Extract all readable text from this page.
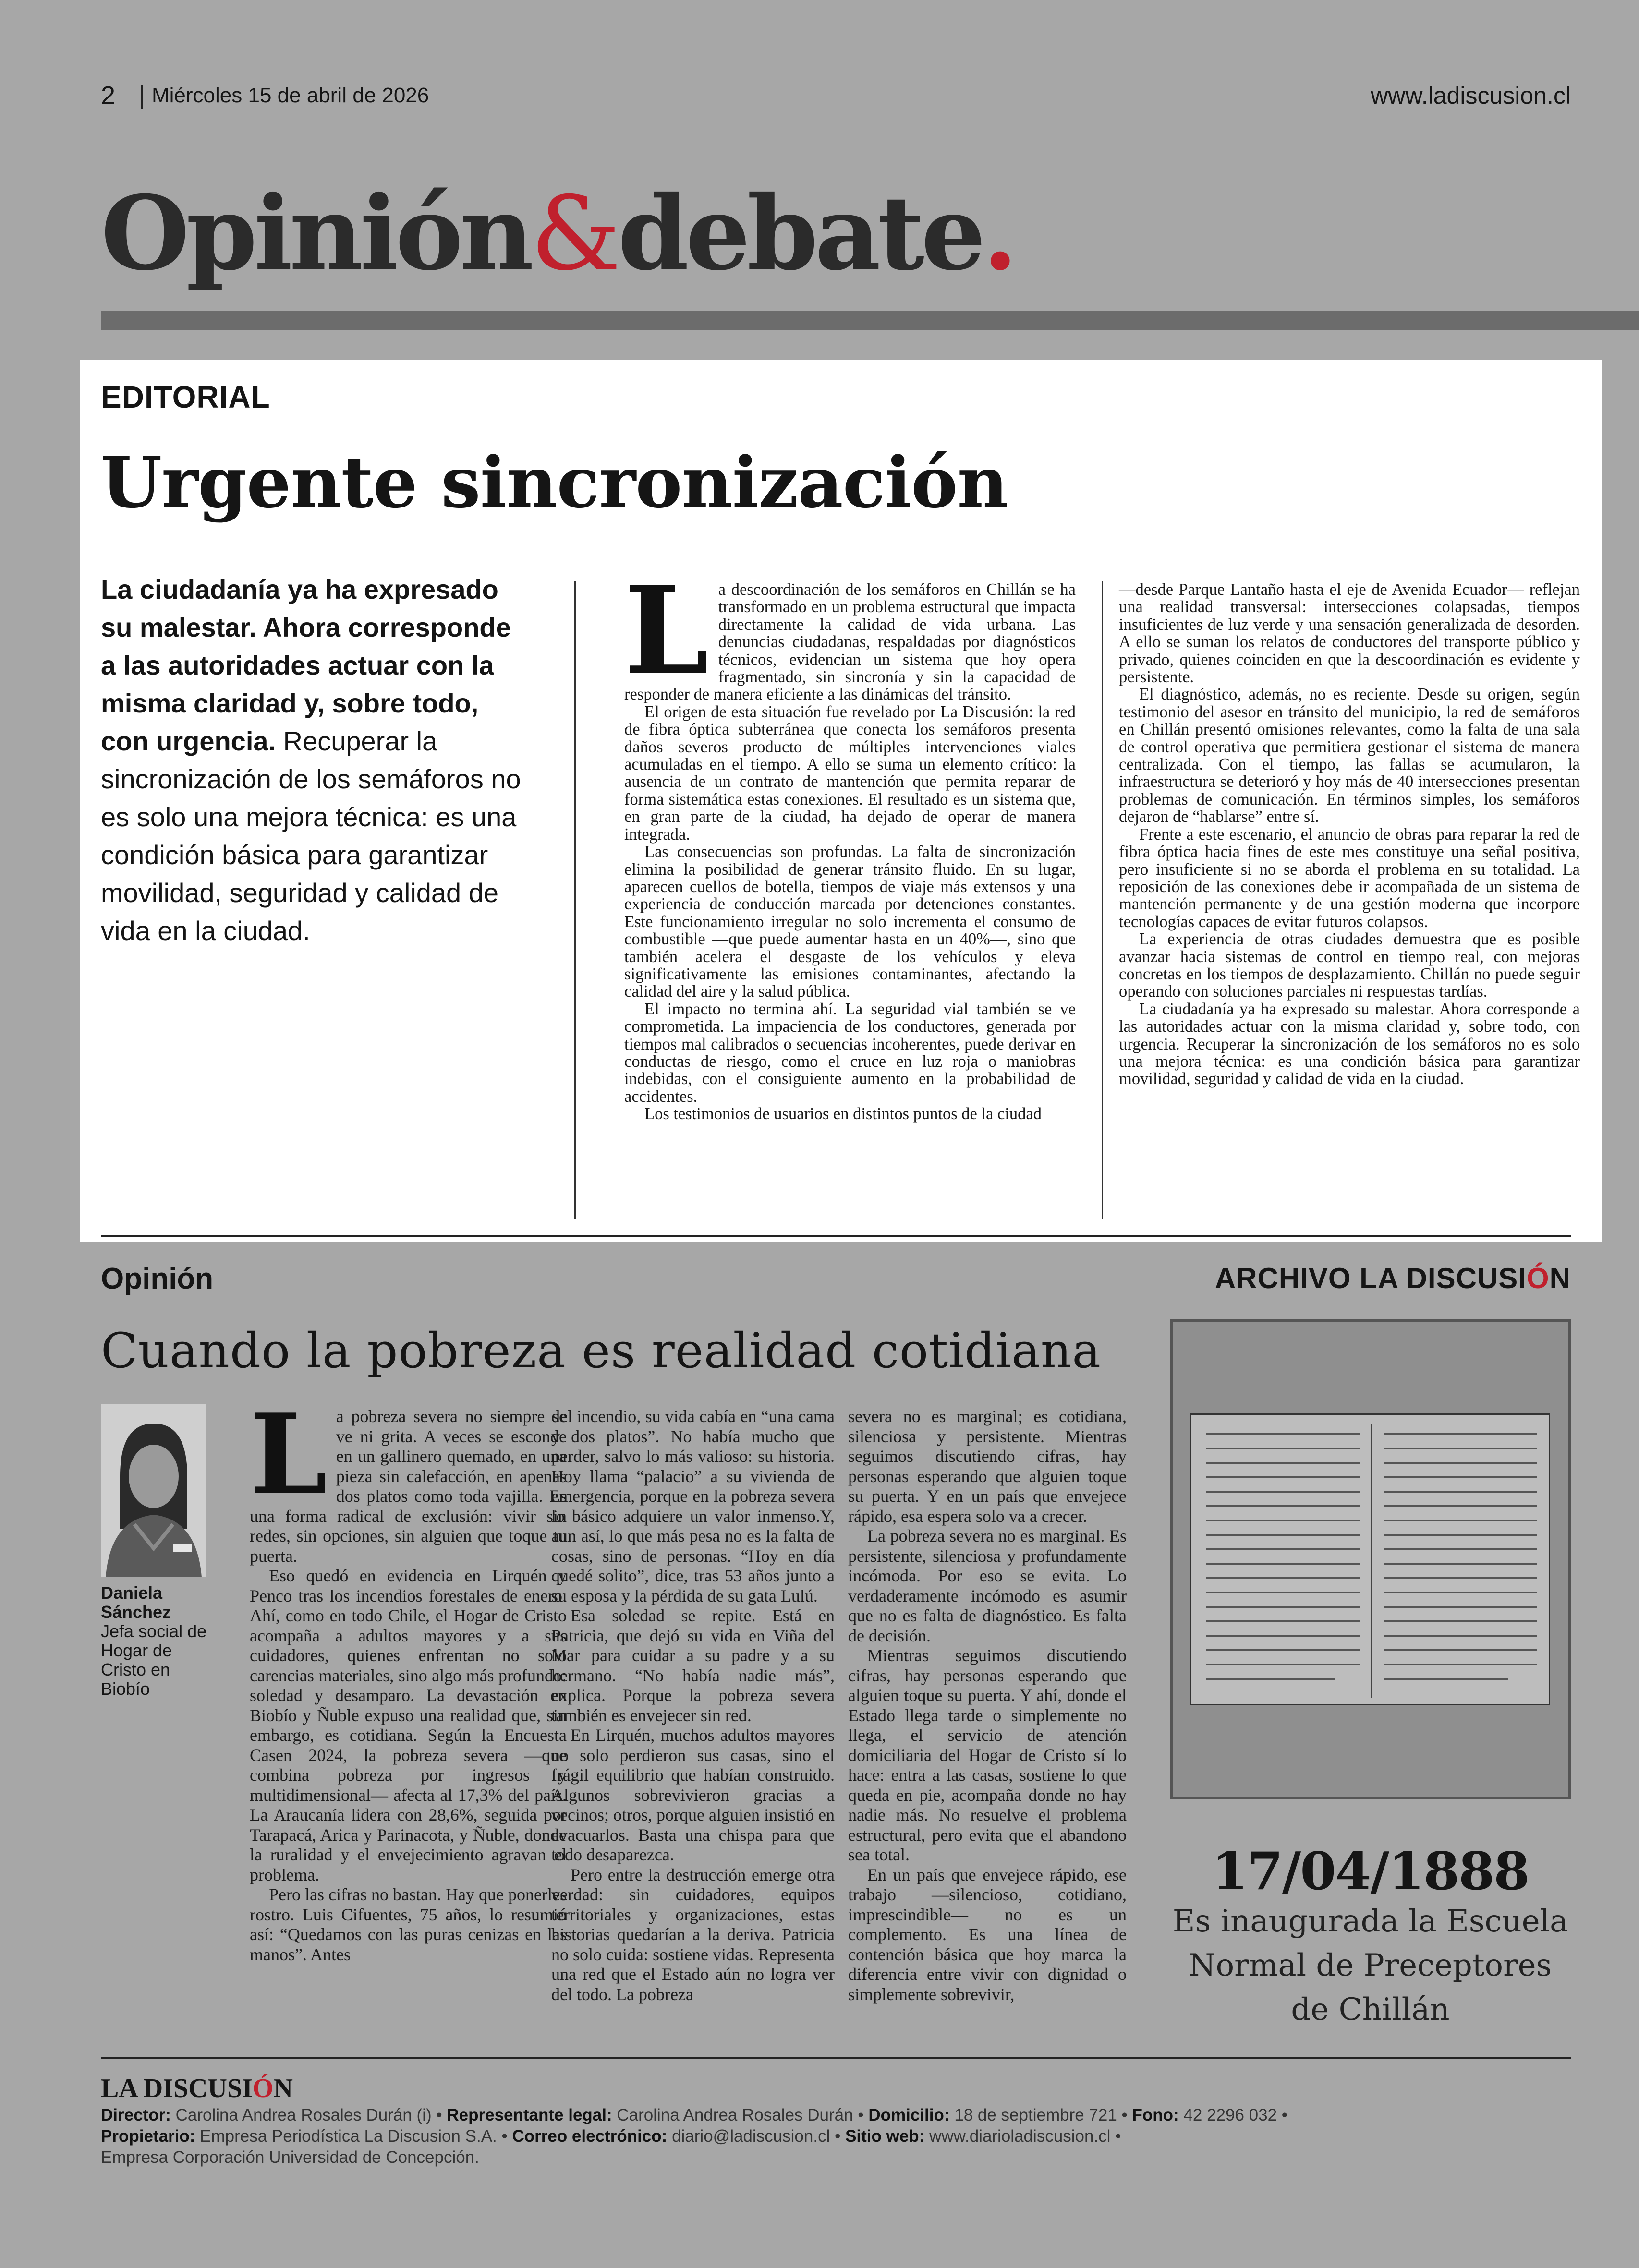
2 Miércoles 15 de abril de 2026	www.ladiscusion.cl
Opinión&debate.
EDITORIAL
Urgente sincronización
La ciudadanía ya ha expresado su malestar. Ahora corresponde a las autoridades actuar con la misma claridad y, sobre todo, con urgencia. Recuperar la sincronización de los semáforos no es solo una mejora técnica: es una condición básica para garantizar movilidad, seguridad y calidad de vida en la ciudad.
L a descoordinación de los semáforos en Chillán se ha transformado en un problema estructural que impacta directamente la calidad de vida urbana. Las denuncias ciudadanas, respaldadas por diagnósticos técnicos, evidencian un sistema que hoy opera fragmentado, sin sincronía y sin la capacidad de responder de manera eficiente a las dinámicas del tránsito.

El origen de esta situación fue revelado por La Discusión: la red de fibra óptica subterránea que conecta los semáforos presenta daños severos producto de múltiples intervenciones viales acumuladas en el tiempo. A ello se suma un elemento crítico: la ausencia de un contrato de mantención que permita reparar de forma sistemática estas conexiones. El resultado es un sistema que, en gran parte de la ciudad, ha dejado de operar de manera integrada.

Las consecuencias son profundas. La falta de sincronización elimina la posibilidad de generar tránsito fluido. En su lugar, aparecen cuellos de botella, tiempos de viaje más extensos y una experiencia de conducción marcada por detenciones constantes. Este funcionamiento irregular no solo incrementa el consumo de combustible —que puede aumentar hasta en un 40%—, sino que también acelera el desgaste de los vehículos y eleva significativamente las emisiones contaminantes, afectando la calidad del aire y la salud pública.

El impacto no termina ahí. La seguridad vial también se ve comprometida. La impaciencia de los conductores, generada por tiempos mal calibrados o secuencias incoherentes, puede derivar en conductas de riesgo, como el cruce en luz roja o maniobras indebidas, con el consiguiente aumento en la probabilidad de accidentes.

Los testimonios de usuarios en distintos puntos de la ciudad

—desde Parque Lantaño hasta el eje de Avenida Ecuador— reflejan una realidad transversal: intersecciones colapsadas, tiempos insuficientes de luz verde y una sensación generalizada de desorden. A ello se suman los relatos de conductores del transporte público y privado, quienes coinciden en que la descoordinación es evidente y persistente.

El diagnóstico, además, no es reciente. Desde su origen, según testimonio del asesor en tránsito del municipio, la red de semáforos en Chillán presentó omisiones relevantes, como la falta de una sala de control operativa que permitiera gestionar el sistema de manera centralizada. Con el tiempo, las fallas se acumularon, la infraestructura se deterioró y hoy más de 40 intersecciones presentan problemas de comunicación. En términos simples, los semáforos dejaron de “hablarse” entre sí.

Frente a este escenario, el anuncio de obras para reparar la red de fibra óptica hacia fines de este mes constituye una señal positiva, pero insuficiente si no se aborda el problema en su totalidad. La reposición de las conexiones debe ir acompañada de un sistema de mantención permanente y de una gestión moderna que incorpore tecnologías capaces de evitar futuros colapsos.

La experiencia de otras ciudades demuestra que es posible avanzar hacia sistemas de control en tiempo real, con mejoras concretas en los tiempos de desplazamiento. Chillán no puede seguir operando con soluciones parciales ni respuestas tardías.

La ciudadanía ya ha expresado su malestar. Ahora corresponde a las autoridades actuar con la misma claridad y, sobre todo, con urgencia. Recuperar la sincronización de los semáforos no es solo una mejora técnica: es una condición básica para garantizar movilidad, seguridad y calidad de vida en la ciudad.

Opinión
Cuando la pobreza es realidad cotidiana
Daniela Sánchez
Jefa social de Hogar de Cristo en Biobío
L a pobreza severa no siempre se ve ni grita. A veces se esconde en un gallinero quemado, en una pieza sin calefacción, en apenas dos platos como toda vajilla. Es una forma radical de exclusión: vivir sin redes, sin opciones, sin alguien que toque tu puerta.

Eso quedó en evidencia en Lirquén y Penco tras los incendios forestales de enero. Ahí, como en todo Chile, el Hogar de Cristo acompaña a adultos mayores y a sus cuidadores, quienes enfrentan no solo carencias materiales, sino algo más profundo: soledad y desamparo. La devastación en Biobío y Ñuble expuso una realidad que, sin embargo, es cotidiana. Según la Encuesta Casen 2024, la pobreza severa —que combina pobreza por ingresos y multidimensional— afecta al 17,3% del país. La Araucanía lidera con 28,6%, seguida por Tarapacá, Arica y Parinacota, y Ñuble, donde la ruralidad y el envejecimiento agravan el problema.

Pero las cifras no bastan. Hay que ponerles rostro. Luis Cifuentes, 75 años, lo resumió así: “Quedamos con las puras cenizas en las manos”. Antes

del incendio, su vida cabía en “una cama y dos platos”. No había mucho que perder, salvo lo más valioso: su historia. Hoy llama “palacio” a su vivienda de emergencia, porque en la pobreza severa lo básico adquiere un valor inmenso.Y, aun así, lo que más pesa no es la falta de cosas, sino de personas. “Hoy en día quedé solito”, dice, tras 53 años junto a su esposa y la pérdida de su gata Lulú.

Esa soledad se repite. Está en Patricia, que dejó su vida en Viña del Mar para cuidar a su padre y a su hermano. “No había nadie más”, explica. Porque la pobreza severa también es envejecer sin red.

En Lirquén, muchos adultos mayores no solo perdieron sus casas, sino el frágil equilibrio que habían construido. Algunos sobrevivieron gracias a vecinos; otros, porque alguien insistió en evacuarlos. Basta una chispa para que todo desaparezca.

Pero entre la destrucción emerge otra verdad: sin cuidadores, equipos territoriales y organizaciones, estas historias quedarían a la deriva. Patricia no solo cuida: sostiene vidas. Representa una red que el Estado aún no logra ver del todo. La pobreza

severa no es marginal; es cotidiana, silenciosa y persistente. Mientras seguimos discutiendo cifras, hay personas esperando que alguien toque su puerta. Y en un país que envejece rápido, esa espera solo va a crecer.

La pobreza severa no es marginal. Es persistente, silenciosa y profundamente incómoda. Por eso se evita. Lo verdaderamente incómodo es asumir que no es falta de diagnóstico. Es falta de decisión.

Mientras seguimos discutiendo cifras, hay personas esperando que alguien toque su puerta. Y ahí, donde el Estado llega tarde o simplemente no llega, el servicio de atención domiciliaria del Hogar de Cristo sí lo hace: entra a las casas, sostiene lo que queda en pie, acompaña donde no hay nadie más. No resuelve el problema estructural, pero evita que el abandono sea total.

En un país que envejece rápido, ese trabajo —silencioso, cotidiano, imprescindible— no es un complemento. Es una línea de contención básica que hoy marca la diferencia entre vivir con dignidad o simplemente sobrevivir,

ARCHIVO LA DISCUSIÓN
17/04/1888
Es inaugurada la Escuela Normal de Preceptores de Chillán
LA DISCUSIÓN
Director: Carolina Andrea Rosales Durán (i) • Representante legal: Carolina Andrea Rosales Durán • Domicilio: 18 de septiembre 721 • Fono: 42 2296 032 •
Propietario: Empresa Periodística La Discusion S.A. • Correo electrónico: diario@ladiscusion.cl • Sitio web: www.diarioladiscusion.cl •
Empresa Corporación Universidad de Concepción.
